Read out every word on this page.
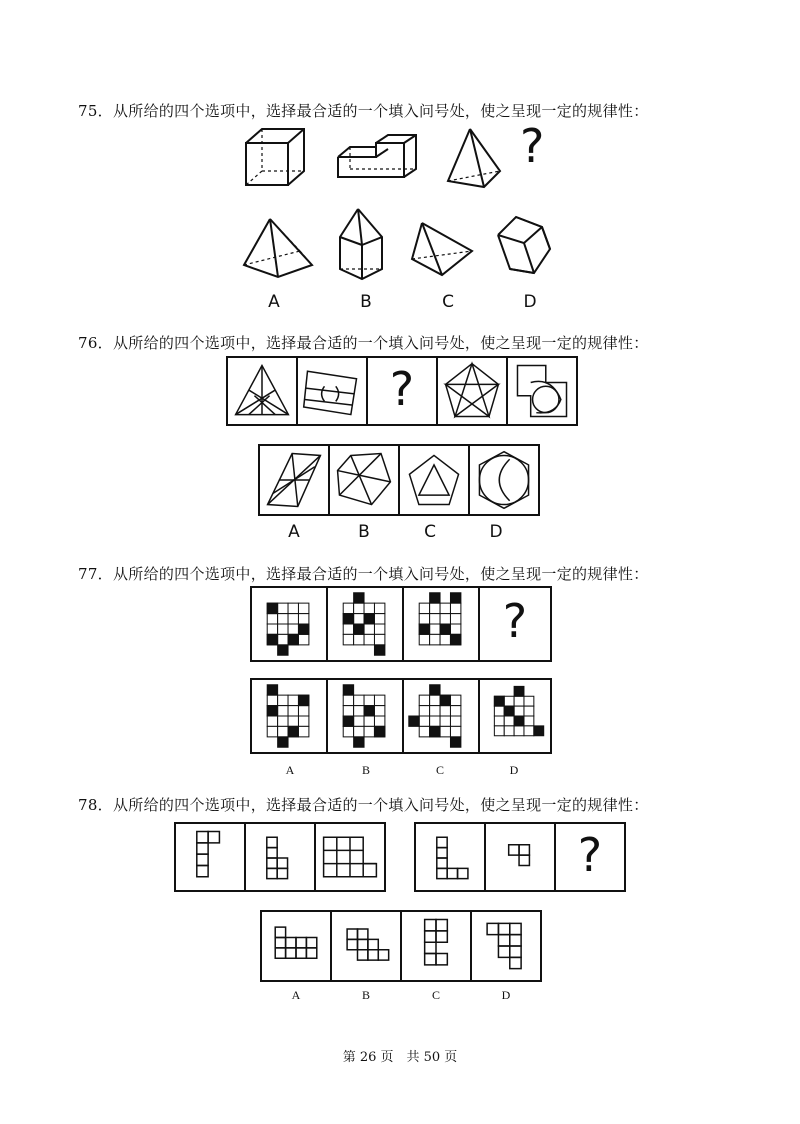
75．从所给的四个选项中，选择最合适的一个填入问号处，使之呈现一定的规律性：
?
A	B	C	D
76．从所给的四个选项中，选择最合适的一个填入问号处，使之呈现一定的规律性：
?
A	B	C	D
77．从所给的四个选项中，选择最合适的一个填入问号处，使之呈现一定的规律性：
?
A	B	C	D
78．从所给的四个选项中，选择最合适的一个填入问号处，使之呈现一定的规律性：
?
A	B	C	D
第 26 页　共 50 页
